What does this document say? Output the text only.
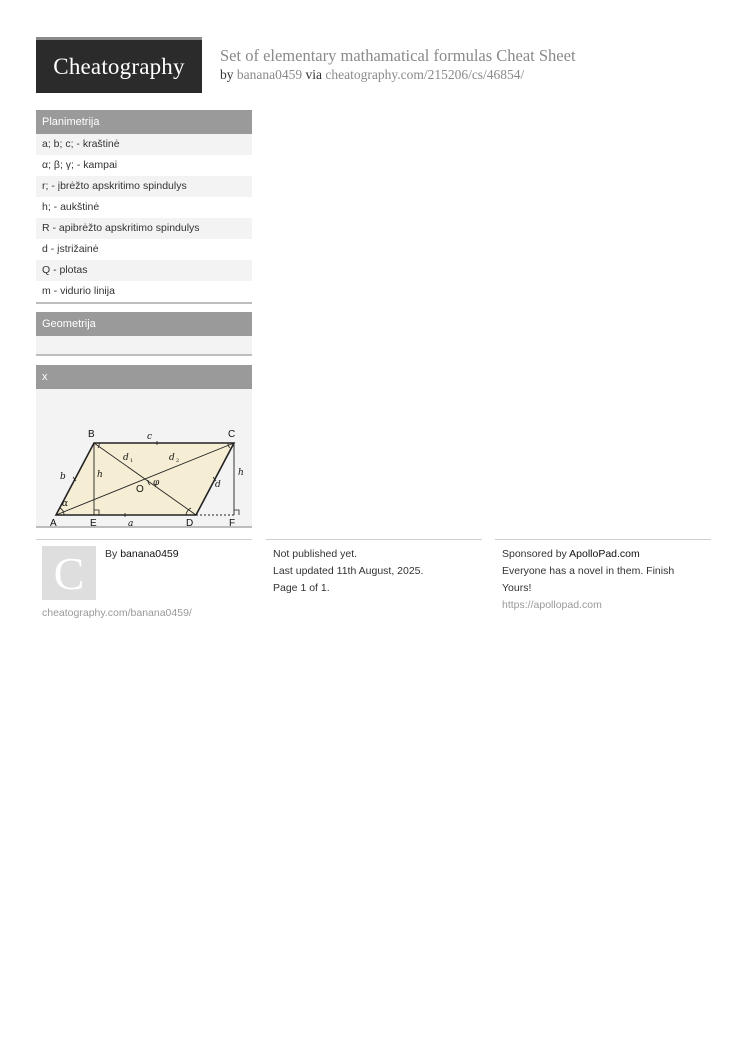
Cheatography Set of elementary mathamatical formulas Cheat Sheet
by banana0459 via cheatography.com/215206/cs/46854/
Planimetrija
a; b; c; - kraštinė
α; β; γ; - kampai
r; - įbrėžto apskritimo spindulys
h; - aukštinė
R - apibrėžto apskritimo spindulys
d - įstrižainė
Q - plotas
m - vidurio linija
Geometrija
x
A
B	C
D
E	F
O
a
b
c
d
h	h
d 1	d 2
α
φ
C By banana0459
cheatography.com/banana0459/
Not published yet.
Last updated 11th August, 2025.
Page 1 of 1.
Sponsored by ApolloPad.com
Everyone has a novel in them. Finish
Yours!
https://apollopad.com
